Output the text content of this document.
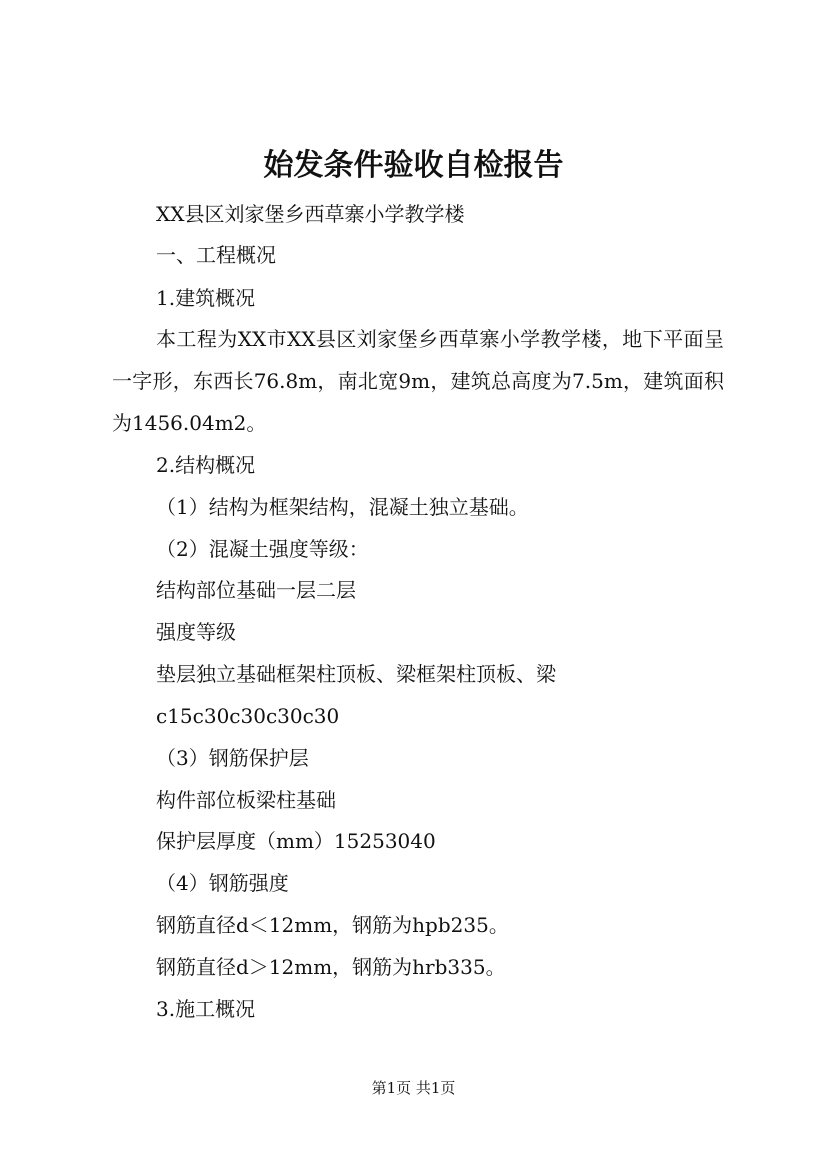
始发条件验收自检报告
XX县区刘家堡乡西草寨小学教学楼
一、工程概况
1.建筑概况
本工程为XX市XX县区刘家堡乡西草寨小学教学楼，地下平面呈一字形，东西长76.8m，南北宽9m，建筑总高度为7.5m，建筑面积为1456.04m2。
2.结构概况
（1）结构为框架结构，混凝土独立基础。
（2）混凝土强度等级：
结构部位基础一层二层
强度等级
垫层独立基础框架柱顶板、梁框架柱顶板、梁
c15c30c30c30c30
（3）钢筋保护层
构件部位板梁柱基础
保护层厚度（mm）15253040
（4）钢筋强度
钢筋直径d＜12mm，钢筋为hpb235。
钢筋直径d＞12mm，钢筋为hrb335。
3.施工概况
第1页 共1页
